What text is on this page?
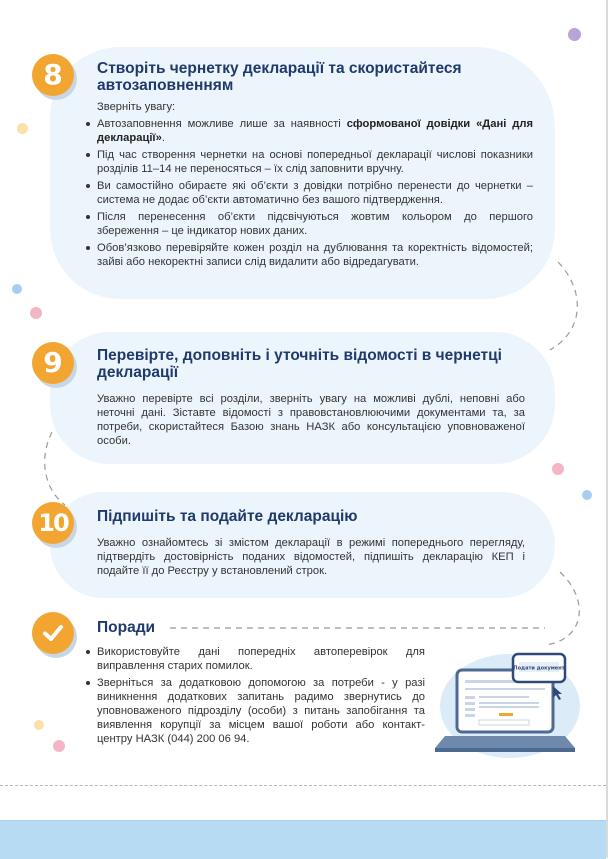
8 Створіть чернетку декларації та скористайтеся
автозаповненням
Зверніть увагу:
Автозаповнення можливе лише за наявності сформованої довідки «Дані для декларації».
Під час створення чернетки на основі попередньої декларації числові показники розділів 11–14 не переносяться – їх слід заповнити вручну.
Ви самостійно обираєте які об’єкти з довідки потрібно перенести до чернетки – система не додає об’єкти автоматично без вашого підтвердження.
Після перенесення об’єкти підсвічуються жовтим кольором до першого збереження – це індикатор нових даних.
Обов’язково перевіряйте кожен розділ на дублювання та коректність відомостей; зайві або некоректні записи слід видалити або відредагувати.
9 Перевірте, доповніть і уточніть відомості в чернетці
декларації
Уважно перевірте всі розділи, зверніть увагу на можливі дублі, неповні або неточні дані. Зіставте відомості з правовстановлюючими документами та, за потреби, скористайтеся Базою знань НАЗК або консультацією уповноваженої особи.
10 Підпишіть та подайте декларацію
Уважно ознайомтесь зі змістом декларації в режимі попереднього перегляду, підтвердіть достовірність поданих відомостей, підпишіть декларацію КЕП і подайте її до Реєстру у встановлений строк.
Поради
Використовуйте дані попередніх автоперевірок для виправлення старих помилок.
Зверніться за додатковою допомогою за потреби - у разі виникнення додаткових запитань радимо звернутись до уповноваженого підрозділу (особи) з питань запобігання та виявлення корупції за місцем вашої роботи або контакт-центру НАЗК (044) 200 06 94.
Подати документ
